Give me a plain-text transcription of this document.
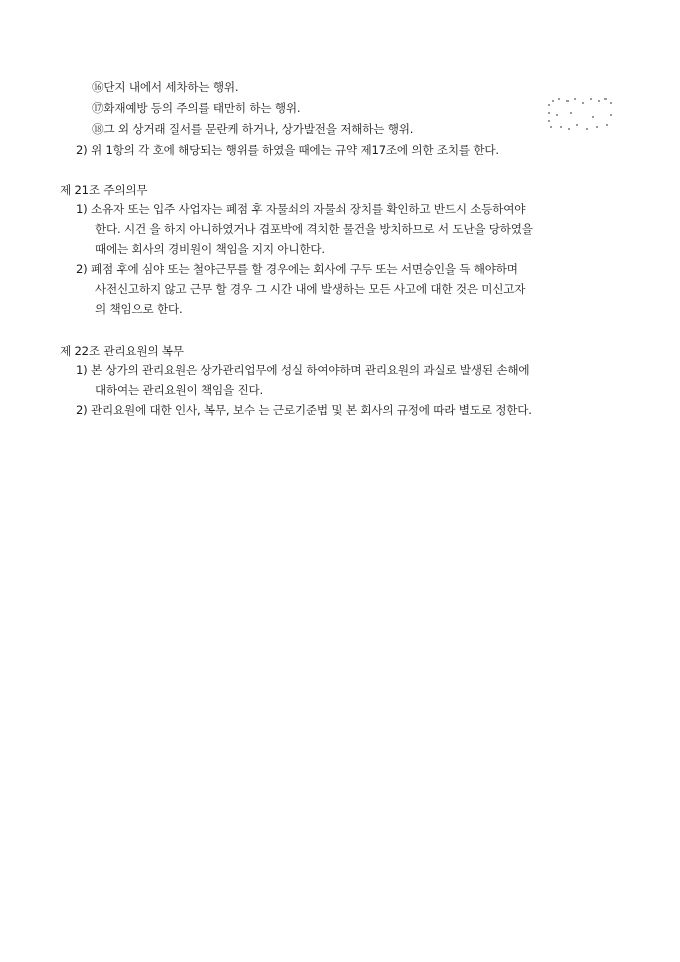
⑯단지 내에서 세차하는 행위.
⑰화재예방 등의 주의를 태만히 하는 행위.
⑱그 외 상거래 질서를 문란케 하거나, 상가발전을 저해하는 행위.
2) 위 1항의 각 호에 해당되는 행위를 하였을 때에는 규약 제17조에 의한 조치를 한다.
제 21조 주의의무
1) 소유자 또는 입주 사업자는 폐점 후 자물쇠의 자물쇠 장치를 확인하고 반드시 소등하여야
한다. 시건 을 하지 아니하였거나 겹포박에 격치한 물건을 방치하므로 서 도난을 당하였을
때에는 회사의 경비원이 책임을 지지 아니한다.
2) 폐점 후에 심야 또는 철야근무를 할 경우에는 회사에 구두 또는 서면승인을 득 해야하며
사전신고하지 않고 근무 할 경우 그 시간 내에 발생하는 모든 사고에 대한 것은 미신고자
의 책임으로 한다.
제 22조 관리요원의 복무
1) 본 상가의 관리요원은 상가관리업무에 성실 하여야하며 관리요원의 과실로 발생된 손해에
대하여는 관리요원이 책임을 진다.
2) 관리요원에 대한 인사, 복무, 보수 는 근로기준법 및 본 회사의 규정에 따라 별도로 정한다.
